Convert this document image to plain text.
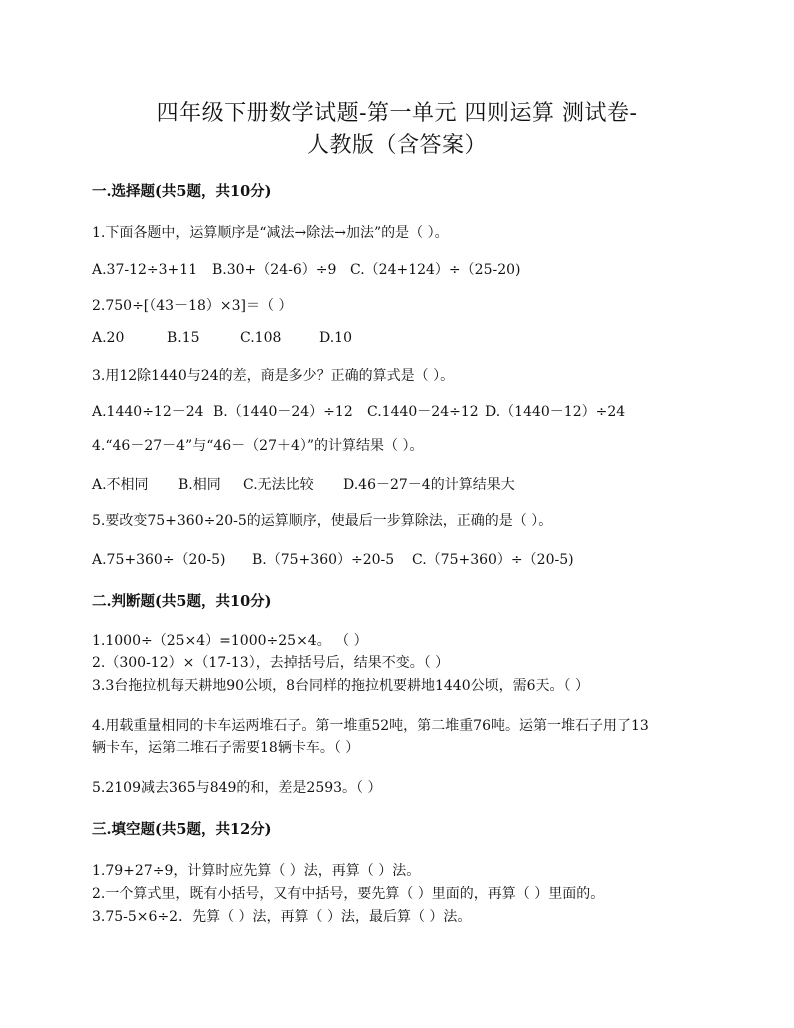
四年级下册数学试题-第一单元 四则运算 测试卷-
人教版（含答案）
一.选择题(共5题，共10分)
1.下面各题中，运算顺序是“减法→除法→加法”的是（ ）。
A.37-12÷3+11 B.30+（24-6）÷9 C.（24+124）÷（25-20)
2.750÷[（43－18）×3]＝（ ）
A.20	B.15	C.108	D.10
3.用12除1440与24的差，商是多少？正确的算式是（ ）。
A.1440÷12－24 B.（1440－24）÷12 C.1440－24÷12 D.（1440－12）÷24
4.“46－27－4”与“46－（27＋4）”的计算结果（ ）。
A.不相同 B.相同 C.无法比较 D.46－27－4的计算结果大
5.要改变75+360÷20-5的运算顺序，使最后一步算除法，正确的是（ ）。
A.75+360÷（20-5) B.（75+360）÷20-5 C.（75+360）÷（20-5)
二.判断题(共5题，共10分)
1.1000÷（25×4）=1000÷25×4。 （ ）
2.（300-12）×（17-13），去掉括号后，结果不变。（ ）
3.3台拖拉机每天耕地90公顷，8台同样的拖拉机要耕地1440公顷，需6天。（ ）
4.用载重量相同的卡车运两堆石子。第一堆重52吨，第二堆重76吨。运第一堆石子用了13
辆卡车，运第二堆石子需要18辆卡车。（ ）
5.2109减去365与849的和，差是2593。（ ）
三.填空题(共5题，共12分)
1.79+27÷9，计算时应先算（ ）法，再算（ ）法。
2.一个算式里，既有小括号，又有中括号，要先算（ ）里面的，再算（ ）里面的。
3.75-5×6÷2．先算（ ）法，再算（ ）法，最后算（ ）法。
